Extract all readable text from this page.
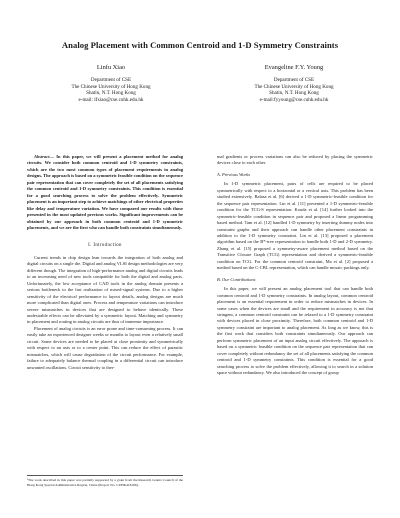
Analog Placement with Common Centroid and 1-D Symmetry Constraints
Linfu Xiao
Department of CSE
The Chinese University of Hong Kong
Shatin, N.T. Hong Kong
e-mail: lfxiao@cse.cuhk.edu.hk
Evangeline F.Y. Young
Department of CSE
The Chinese University of Hong Kong
Shatin, N.T. Hong Kong
e-mail:fyyoung@cse.cuhk.edu.hk

Abstract— In this paper, we will present a placement method for analog circuits. We consider both common centroid and 1-D symmetry constraints, which are the two most common types of placement requirements in analog designs. The approach is based on a symmetric feasible condition on the sequence pair representation that can cover completely the set of all placements satisfying the common centroid and 1-D symmetry constraints. This condition is essential for a good searching process to solve the problem effectively. Symmetric placement is an important step to achieve matchings of other electrical properties like delay and temperature variation. We have compared our results with those presented in the most updated previous works. Significant improvements can be obtained by our approach in both common centroid and 1-D symmetric placements, and we are the first who can handle both constraints simultaneously.

I. Introduction

Current trends in chip design lean towards the integration of both analog and digital circuits on a single die. Digital and analog VLSI design methodologies are very different though. The integration of high-performance analog and digital circuits leads to an increasing need of new tools compatible for both the digital and analog parts. Unfortunately, the low acceptance of CAD tools in the analog domain presents a serious bottleneck to the fast realization of mixed-signal systems. Due to a higher sensitivity of the electrical performance to layout details, analog designs are much more complicated than digital ones. Process and temperature variations can introduce severe mismatches in devices that are designed to behave identically. These undesirable effects can be alleviated by a symmetric layout. Matching and symmetry in placement and routing in analog circuits are thus of immense importance.

Placement of analog circuits is an error prone and time-consuming process. It can easily take an experienced designer weeks or months to layout even a relatively small circuit. Some devices are needed to be placed at close proximity and symmetrically with respect to an axis or to a center point. This can reduce the effect of parasitic mismatches, which will cause degradation of the circuit performance. For example, failure to adequately balance thermal coupling in a differential circuit can introduce unwanted oscillations. Circuit sensitivity to ther-

mal gradients or process variations can also be reduced by placing the symmetric devices close to each other.

A. Previous Works

In 1-D symmetric placement, pairs of cells are required to be placed symmetrically with respect to a horizontal or a vertical axis. This problem has been studied extensively. Balasa et al. [6] derived a 1-D symmetric-feasible condition for the sequence pair representation. Lin et al. [11] presented a 1-D symmetric-feasible condition for the TCG-S representation. Kouda et al. [14] further looked into the symmetric-feasible condition in sequence pair and proposed a linear programming based method. Tam et al. [12] handled 1-D symmetry by inserting dummy nodes into constraint graphs and their approach can handle other placement constraints in addition to the 1-D symmetry constraint. Lin et al. [13] proposed a placement algorithm based on the B*-tree representation to handle both 1-D and 2-D symmetry. Zhang et al. [15] proposed a symmetry-aware placement method based on the Transitive Closure Graph (TCG) representation and derived a symmetric-feasible condition on TCG. For the common centroid constraint, Ma et al. [2] proposed a method based on the C-CBL representation, which can handle mosaic packings only.

B. Our Contributions

In this paper, we will present an analog placement tool that can handle both common centroid and 1-D symmetry constraints. In analog layout, common centroid placement is an essential requirement in order to reduce mismatches in devices. In some cases when the devices are small and the requirement in accuracy is not that stringent, a common centroid constraint can be relaxed to a 1-D symmetry constraint with devices placed in close proximity. Therefore, both common centroid and 1-D symmetry constraint are important to analog placement. As long as we know, this is the first work that considers both constraints simultaneously. Our approach can perform symmetric placement of an input analog circuit effectively. The approach is based on a symmetric feasible condition on the sequence pair representation that can cover completely without redundancy the set of all placements satisfying the common centroid and 1-D symmetry constraints. This condition is essential for a good searching process to solve the problem effectively, allowing it to search in a solution space without redundancy. We also introduced the concept of group

¹The work described in this paper was partially supported by a grant from the Research Grants Council of the Hong Kong Special Administrative Region, China (Project No. CUHK418106).
